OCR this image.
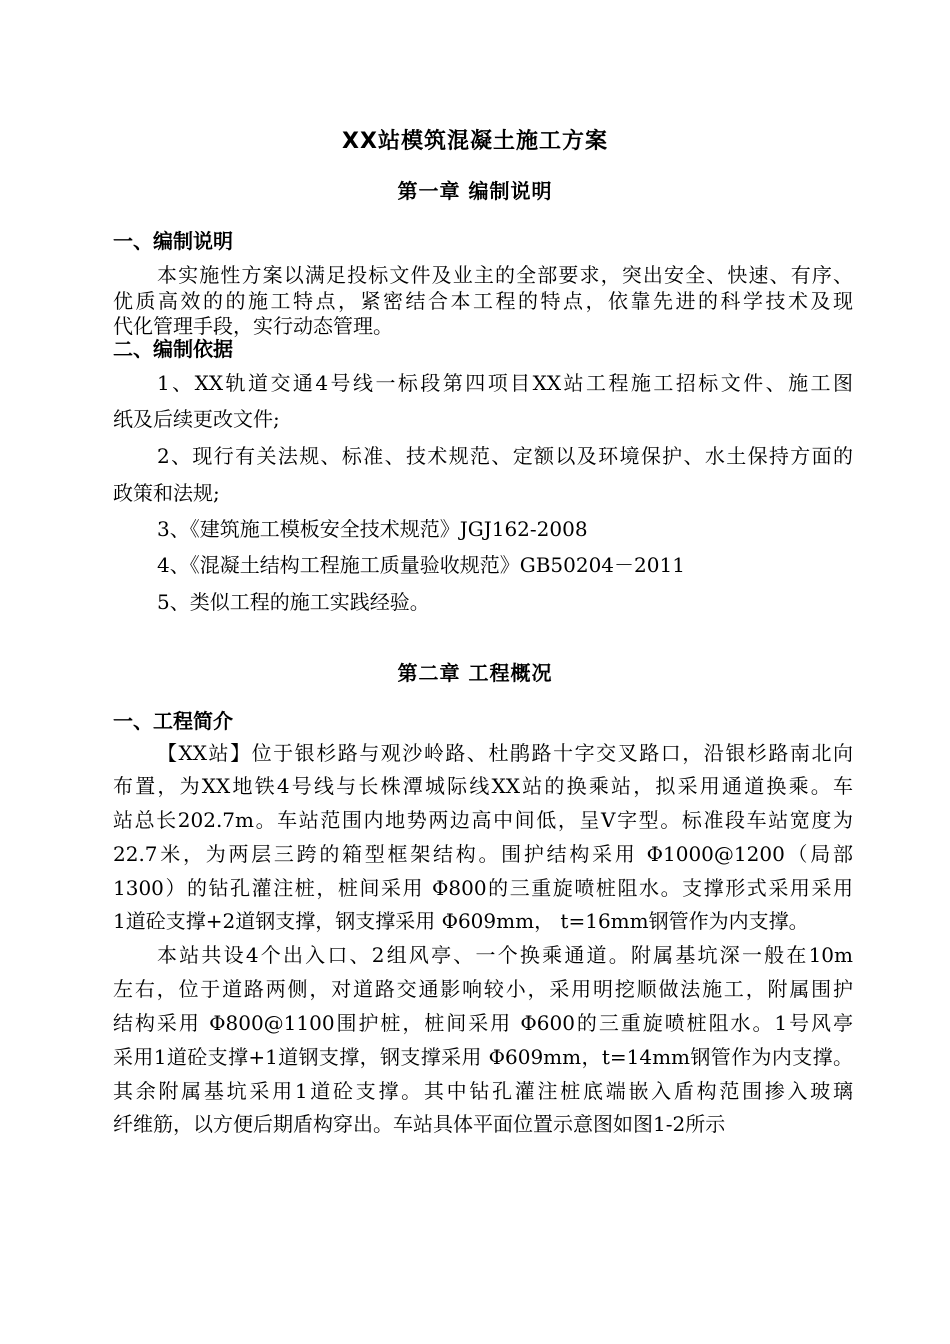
XX站模筑混凝土施工方案
第一章 编制说明
一、编制说明
本实施性方案以满足投标文件及业主的全部要求，突出安全、快速、有序、
优质高效的的施工特点，紧密结合本工程的特点，依靠先进的科学技术及现
代化管理手段，实行动态管理。
二、编制依据
1、XX轨道交通4号线一标段第四项目XX站工程施工招标文件、施工图
纸及后续更改文件;
2、现行有关法规、标准、技术规范、定额以及环境保护、水土保持方面的
政策和法规;
3、《建筑施工模板安全技术规范》JGJ162-2008
4、《混凝土结构工程施工质量验收规范》GB50204－2011
5、类似工程的施工实践经验。
第二章 工程概况
一、工程简介
【XX站】位于银杉路与观沙岭路、杜鹃路十字交叉路口，沿银杉路南北向
布置，为XX地铁4号线与长株潭城际线XX站的换乘站，拟采用通道换乘。车
站总长202.7m。车站范围内地势两边高中间低，呈V字型。标准段车站宽度为
22.7米，为两层三跨的箱型框架结构。围护结构采用 Φ1000@1200（局部
1300）的钻孔灌注桩，桩间采用 Φ800的三重旋喷桩阻水。支撑形式采用采用
1道砼支撑+2道钢支撑，钢支撑采用 Φ609mm， t=16mm钢管作为内支撑。
本站共设4个出入口、2组风亭、一个换乘通道。附属基坑深一般在10m
左右，位于道路两侧，对道路交通影响较小，采用明挖顺做法施工，附属围护
结构采用 Φ800@1100围护桩，桩间采用 Φ600的三重旋喷桩阻水。1号风亭
采用1道砼支撑+1道钢支撑，钢支撑采用 Φ609mm，t=14mm钢管作为内支撑。
其余附属基坑采用1道砼支撑。其中钻孔灌注桩底端嵌入盾构范围掺入玻璃
纤维筋，以方便后期盾构穿出。车站具体平面位置示意图如图1-2所示
